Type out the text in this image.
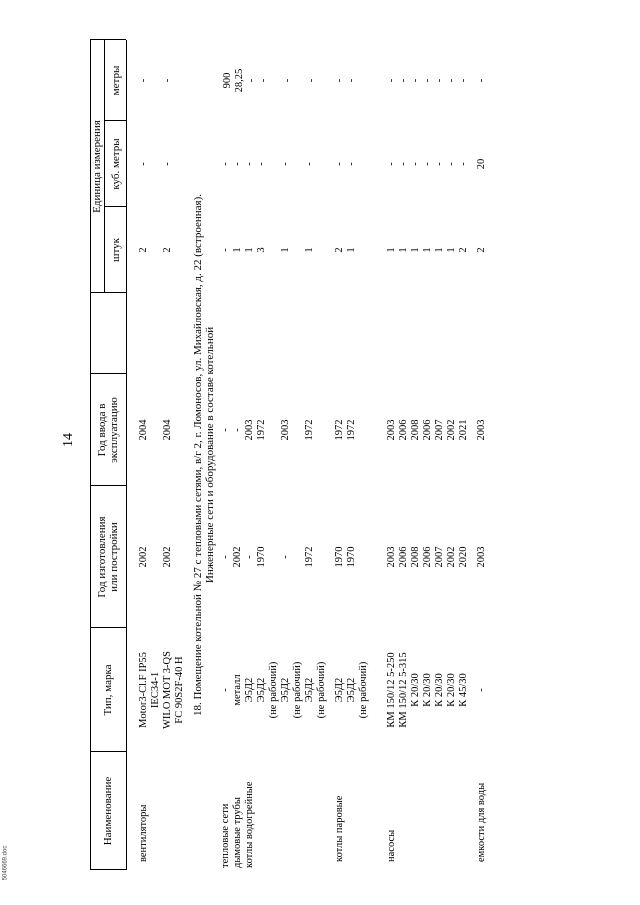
14
5046669.doc
Наименование
Тип, марка
Год изготовления или постройки
Год ввода в эксплуатацию
Единица измерения
штук
куб. метры
метры
вентиляторы
Motor3-Cl.F IP55 IEC34-1 WILO MOT 3-QS FC 90S2F-40 H
2002 2002
2004 2004
2 2
- -
- -
18. Помещение котельной № 27 с тепловыми сетями, в/г 2, г. Ломоносов, ул. Михайловская, д. 22 (встроенная). Инженерные сети и оборудование в составе котельной
тепловые сети дымовые трубы котлы водогрейные
- металл Э5Д2 Э5Д2 (не рабочий) Э5Д2 (не рабочий) Э5Д2 (не рабочий)
- 2002 - 1970 - 1972
- - 2003 1972 2003 1972
- 1 1 3 1 1
- - - - - -
900 28,25 - - - -
котлы паровые
Э5Д2 Э5Д2 (не рабочий)
1970 1970
1972 1972
2 1
- -
- -
насосы
КМ 150/12 5-250 КМ 150/12 5-315 К 20/30 К 20/30 К 20/30 К 20/30 К 45/30
2003 2006 2008 2006 2007 2002 2020
2003 2006 2008 2006 2007 2002 2021
1 1 1 1 1 1 2
- - - - - - -
- - - - - - -
емкости для воды
-
2003
2003
2
20
-
